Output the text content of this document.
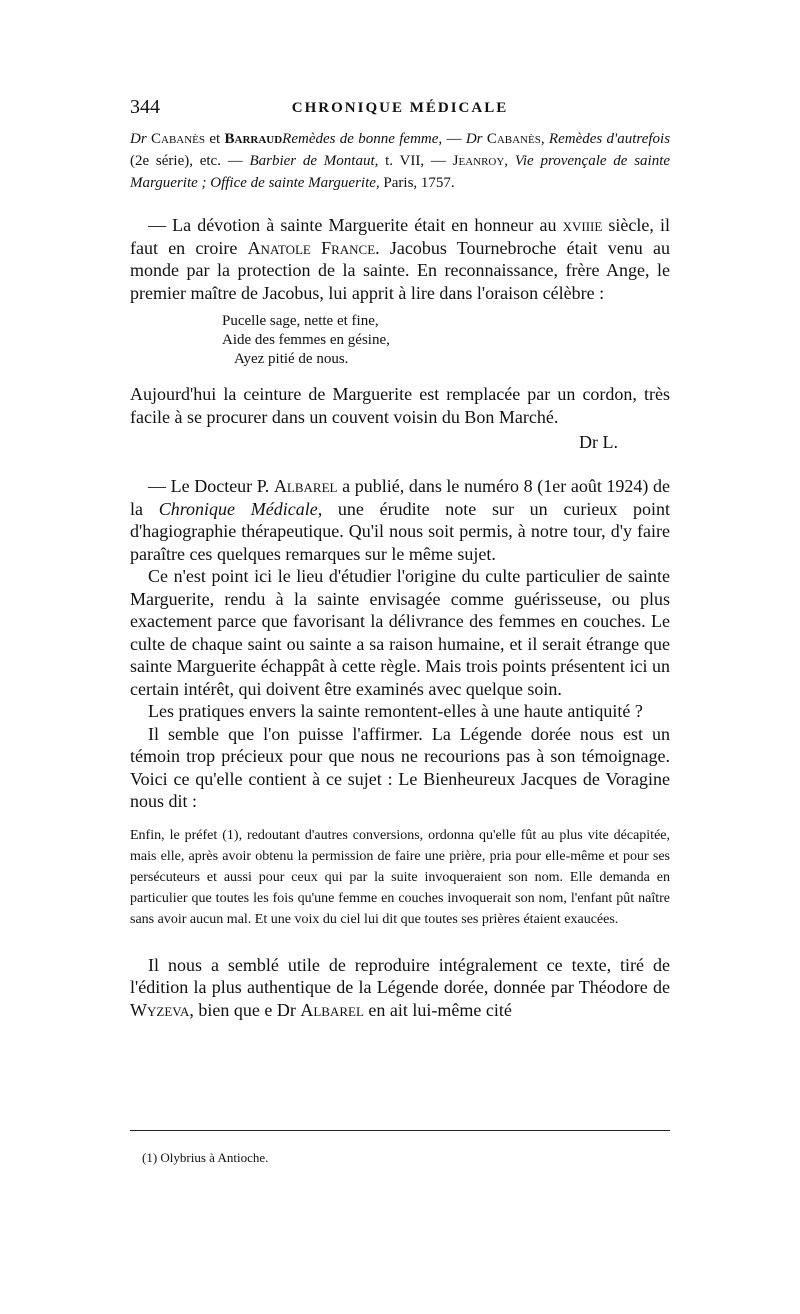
344	CHRONIQUE MÉDICALE
Dr Cabanès et BarraudRemèdes de bonne femme, — Dr Cabanès, Remèdes d'autrefois (2e série), etc. — Barbier de Montaut, t. VII, — Jeanroy, Vie provençale de sainte Marguerite ; Office de sainte Marguerite, Paris, 1757.

— La dévotion à sainte Marguerite était en honneur au xviiie siècle, il faut en croire Anatole France. Jacobus Tournebroche était venu au monde par la protection de la sainte. En reconnaissance, frère Ange, le premier maître de Jacobus, lui apprit à lire dans l'oraison célèbre :

Pucelle sage, nette et fine,
Aide des femmes en gésine,
Ayez pitié de nous.

Aujourd'hui la ceinture de Marguerite est remplacée par un cordon, très facile à se procurer dans un couvent voisin du Bon Marché.

Dr L.

— Le Docteur P. Albarel a publié, dans le numéro 8 (1er août 1924) de la Chronique Médicale, une érudite note sur un curieux point d'hagiographie thérapeutique. Qu'il nous soit permis, à notre tour, d'y faire paraître ces quelques remarques sur le même sujet.

Ce n'est point ici le lieu d'étudier l'origine du culte particulier de sainte Marguerite, rendu à la sainte envisagée comme guérisseuse, ou plus exactement parce que favorisant la délivrance des femmes en couches. Le culte de chaque saint ou sainte a sa raison humaine, et il serait étrange que sainte Marguerite échappât à cette règle. Mais trois points présentent ici un certain intérêt, qui doivent être examinés avec quelque soin.

Les pratiques envers la sainte remontent-elles à une haute antiquité ?

Il semble que l'on puisse l'affirmer. La Légende dorée nous est un témoin trop précieux pour que nous ne recourions pas à son témoignage. Voici ce qu'elle contient à ce sujet : Le Bienheureux Jacques de Voragine nous dit :

Enfin, le préfet (1), redoutant d'autres conversions, ordonna qu'elle fût au plus vite décapitée, mais elle, après avoir obtenu la permission de faire une prière, pria pour elle-même et pour ses persécuteurs et aussi pour ceux qui par la suite invoqueraient son nom. Elle demanda en particulier que toutes les fois qu'une femme en couches invoquerait son nom, l'enfant pût naître sans avoir aucun mal. Et une voix du ciel lui dit que toutes ses prières étaient exaucées.

Il nous a semblé utile de reproduire intégralement ce texte, tiré de l'édition la plus authentique de la Légende dorée, donnée par Théodore de Wyzeva, bien que e Dr Albarel en ait lui-même cité

(1) Olybrius à Antioche.
